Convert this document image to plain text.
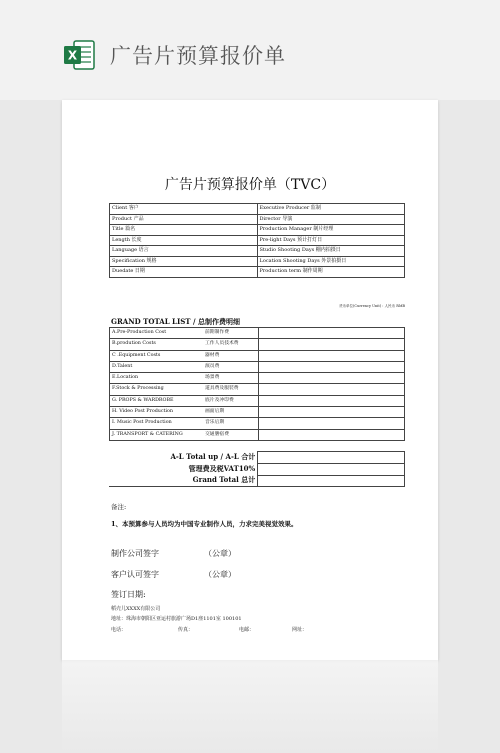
X 广告片预算报价单
广告片预算报价单（TVC）
Client 客户	Executive Producer 监制
Product 产品	Director 导演
Title 篇名	Production Manager 制片经理
Length 长度	Pre-light Days 预计打灯日
Language 语言	Studio Shooting Days 棚内拍摄日
Specification 规格	Location Shooting Days 外景拍摄日
Duedate 日期	Production term 制作周期
货币单位(Currency Unit) : 人民币 RMB
GRAND TOTAL LIST / 总制作费明细
A.Pre-Production Cost 前期制作费	

B.prodution Costs 工作人员技术费	

C .Equipment Costs 器材费	

D.Talent 演员费	

E.Location 场景费	

F.Stock & Processing 道具费及服装费	

G. PROPS & WARDROBE 底片及冲印费	

H. Video Post Production 画面后期	

I. Music Post Production 音乐后期	

J. TRANSPORT & CATERING 交通膳宿费	

A-L Total up / A-L 合计	
管理费及税VAT10%	
Grand Total 总计	
备注:
1、本预算参与人员均为中国专业制作人员，力求完美视觉效果。
制作公司签字	（公章）
客户认可签字	（公章）
签订日期:
稻壳儿XXXX有限公司
地址：珠海市朝阳区亚运村旅游广场D1座1101室 100101
电话：	传真：	电邮：	网址：
